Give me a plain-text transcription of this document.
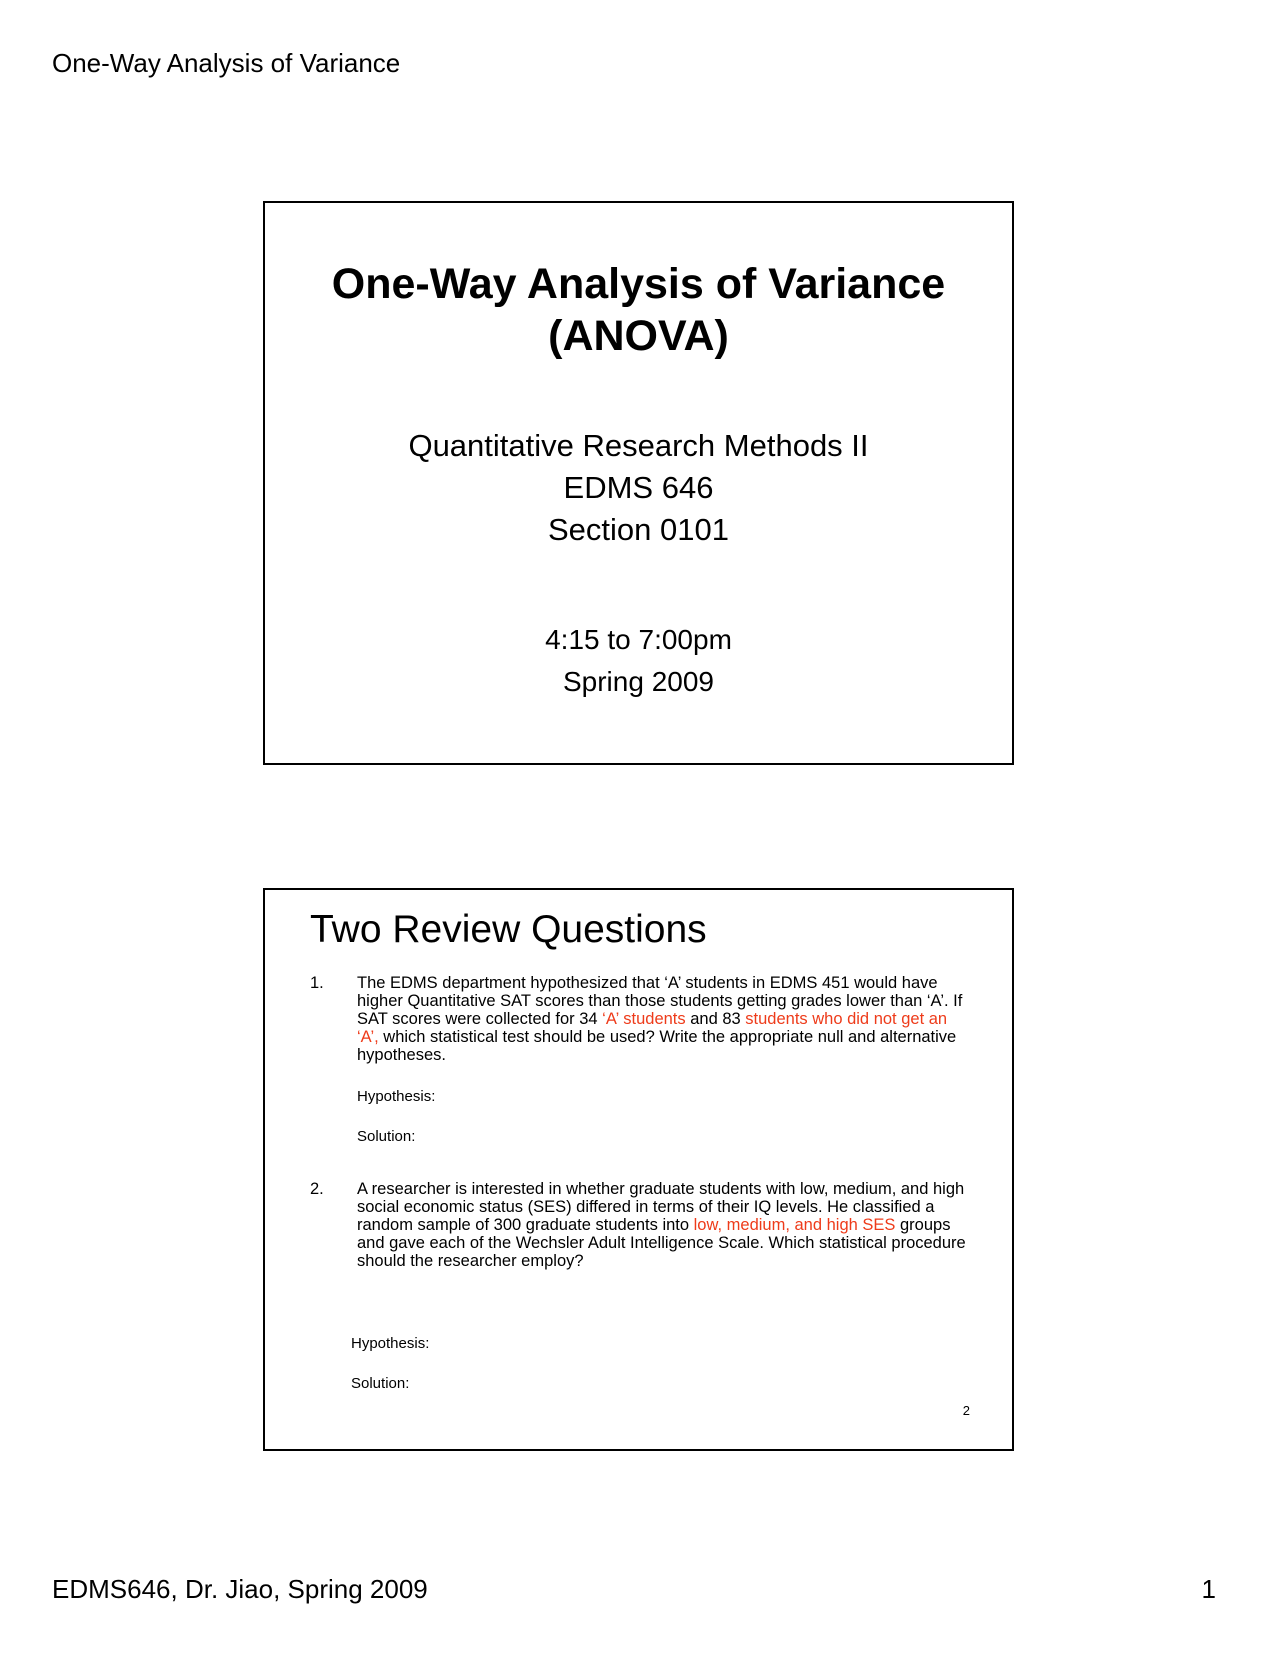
One-Way Analysis of Variance
One-Way Analysis of Variance
(ANOVA)
Quantitative Research Methods II
EDMS 646
Section 0101
4:15 to 7:00pm
Spring 2009
Two Review Questions
1. The EDMS department hypothesized that ‘A’ students in EDMS 451 would have higher Quantitative SAT scores than those students getting grades lower than ‘A’. If SAT scores were collected for 34 ‘A’ students and 83 students who did not get an ‘A’, which statistical test should be used? Write the appropriate null and alternative hypotheses.
Hypothesis:
Solution:
2. A researcher is interested in whether graduate students with low, medium, and high social economic status (SES) differed in terms of their IQ levels. He classified a random sample of 300 graduate students into low, medium, and high SES groups and gave each of the Wechsler Adult Intelligence Scale. Which statistical procedure should the researcher employ?
Hypothesis:
Solution:
2
EDMS646, Dr. Jiao, Spring 2009	1
